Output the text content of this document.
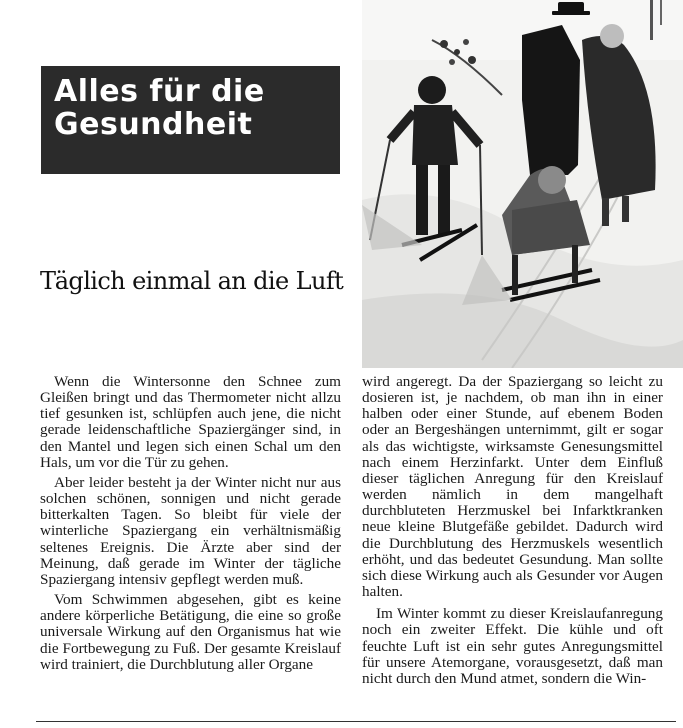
Alles für die
Gesundheit
Täglich einmal an die Luft

Wenn die Wintersonne den Schnee zum Gleißen bringt und das Thermometer nicht allzu tief gesunken ist, schlüpfen auch jene, die nicht gerade leidenschaftliche Spaziergänger sind, in den Mantel und legen sich einen Schal um den Hals, um vor die Tür zu gehen.

Aber leider besteht ja der Winter nicht nur aus solchen schönen, sonnigen und nicht gerade bitterkalten Tagen. So bleibt für viele der winterliche Spaziergang ein verhältnismäßig seltenes Ereignis. Die Ärzte aber sind der Meinung, daß gerade im Winter der tägliche Spaziergang intensiv gepflegt werden muß.

Vom Schwimmen abgesehen, gibt es keine andere körperliche Betätigung, die eine so große universale Wirkung auf den Organismus hat wie die Fortbewegung zu Fuß. Der gesamte Kreislauf wird trainiert, die Durchblutung aller Organe

wird angeregt. Da der Spaziergang so leicht zu dosieren ist, je nachdem, ob man ihn in einer halben oder einer Stunde, auf ebenem Boden oder an Bergeshängen unternimmt, gilt er sogar als das wichtigste, wirksamste Genesungsmittel nach einem Herzinfarkt. Unter dem Einfluß dieser täglichen Anregung für den Kreislauf werden nämlich in dem mangelhaft durchbluteten Herzmuskel bei Infarktkranken neue kleine Blutgefäße gebildet. Dadurch wird die Durchblutung des Herzmuskels wesentlich erhöht, und das bedeutet Gesundung. Man sollte sich diese Wirkung auch als Gesunder vor Augen halten.

Im Winter kommt zu dieser Kreislaufanregung noch ein zweiter Effekt. Die kühle und oft feuchte Luft ist ein sehr gutes Anregungsmittel für unsere Atemorgane, vorausgesetzt, daß man nicht durch den Mund atmet, sondern die Win-
